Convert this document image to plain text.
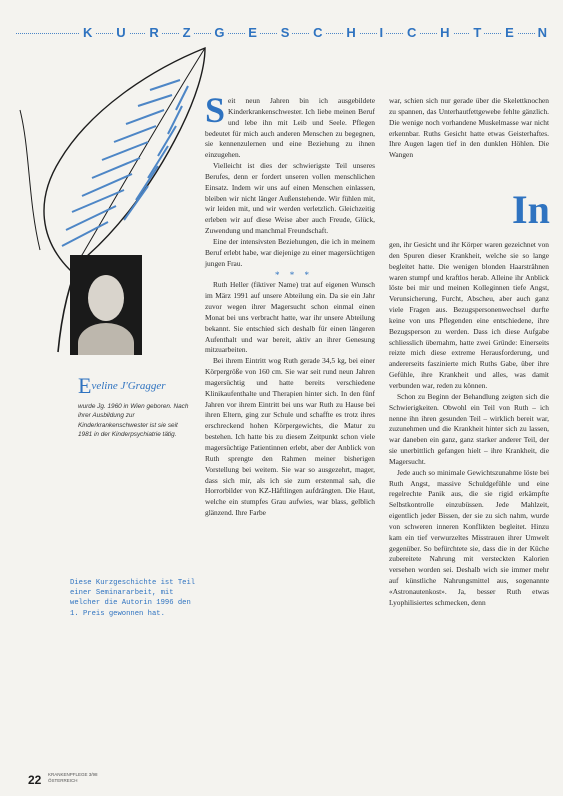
K U R Z G E S C H I C H T E N
Eveline J'Gragger
wurde Jg. 1960 in Wien geboren. Nach ihrer Ausbildung zur Kinderkrankenschwester ist sie seit 1981 in der Kinderpsychiatrie tätig.
Diese Kurzgeschichte ist Teil einer Seminararbeit, mit welcher die Autorin 1996 den 1. Preis gewonnen hat.

Seit neun Jahren bin ich ausgebildete Kinderkrankenschwester. Ich liebe meinen Beruf und lebe ihn mit Leib und Seele. Pflegen bedeutet für mich auch anderen Menschen zu begegnen, sie kennenzulernen und eine Beziehung zu ihnen einzugehen.

Vielleicht ist dies der schwierigste Teil unseres Berufes, denn er fordert unseren vollen menschlichen Einsatz. Indem wir uns auf einen Menschen einlassen, bleiben wir nicht länger Außenstehende. Wir fühlen mit, wir leiden mit, und wir werden verletzlich. Gleichzeitig erleben wir auf diese Weise aber auch Freude, Glück, Zuwendung und manchmal Freundschaft.

Eine der intensivsten Beziehungen, die ich in meinem Beruf erlebt habe, war diejenige zu einer magersüchtigen jungen Frau.

* * *

Ruth Heller (fiktiver Name) trat auf eigenen Wunsch im März 1991 auf unsere Abteilung ein. Da sie ein Jahr zuvor wegen ihrer Magersucht schon einmal einen Monat bei uns verbracht hatte, war ihr unsere Abteilung bekannt. Sie entschied sich deshalb für einen längeren Aufenthalt und war bereit, aktiv an ihrer Genesung mitzuarbeiten.

Bei ihrem Eintritt wog Ruth gerade 34,5 kg, bei einer Körpergröße von 160 cm. Sie war seit rund neun Jahren magersüchtig und hatte bereits verschiedene Klinikaufenthalte und Therapien hinter sich. In den fünf Jahren vor ihrem Eintritt bei uns war Ruth zu Hause bei ihren Eltern, ging zur Schule und schaffte es trotz ihres erschreckend hohen Körpergewichts, die Matur zu bestehen. Ich hatte bis zu diesem Zeitpunkt schon viele magersüchtige Patientinnen erlebt, aber der Anblick von Ruth sprengte den Rahmen meiner bisherigen Vorstellung bei weitem. Sie war so ausgezehrt, mager, dass sich mir, als ich sie zum erstenmal sah, die Horrorbilder von KZ-Häftlingen aufdrängten. Die Haut, welche ein stumpfes Grau aufwies, war blass, gelblich glänzend. Ihre Farbe

war, schien sich nur gerade über die Skelettknochen zu spannen, das Unterhautfettgewebe fehlte gänzlich. Die wenige noch vorhandene Muskelmasse war nicht erkennbar. Ruths Gesicht hatte etwas Geisterhaftes. Ihre Augen lagen tief in den dunklen Höhlen. Die Wangen

In

gen, ihr Gesicht und ihr Körper waren gezeichnet von den Spuren dieser Krankheit, welche sie so lange begleitet hatte. Die wenigen blonden Haarsträhnen waren stumpf und kraftlos herab. Alleine ihr Anblick löste bei mir und meinen Kolleginnen tiefe Angst, Verunsicherung, Furcht, Abscheu, aber auch ganz viele Fragen aus. Bezugspersonenwechsel durfte keine von uns Pflegenden eine entschiedene, ihre Bezugsperson zu werden. Dass ich diese Aufgabe schliesslich übernahm, hatte zwei Gründe: Einerseits reizte mich diese extreme Herausforderung, und andererseits faszinierte mich Ruths Gabe, über ihre Gefühle, ihre Krankheit und alles, was damit verbunden war, reden zu können.

Schon zu Beginn der Behandlung zeigten sich die Schwierigkeiten. Obwohl ein Teil von Ruth – ich nenne ihn ihren gesunden Teil – wirklich bereit war, zuzunehmen und die Krankheit hinter sich zu lassen, war daneben ein ganz, ganz starker anderer Teil, der sie unerbittlich gefangen hielt – ihre Krankheit, die Magersucht.

Jede auch so minimale Gewichtszunahme löste bei Ruth Angst, massive Schuldgefühle und eine regelrechte Panik aus, die sie rigid erkämpfte Selbstkontrolle einzubüssen. Jede Mahlzeit, eigentlich jeder Bissen, der sie zu sich nahm, wurde von schweren inneren Konflikten begleitet. Hinzu kam ein tief verwurzeltes Misstrauen ihrer Umwelt gegenüber. So befürchtete sie, dass die in der Küche zubereitete Nahrung mit versteckten Kalorien versehen worden sei. Deshalb wich sie immer mehr auf künstliche Nahrungsmittel aus, sogenannte «Astronautenkost». Ja, besser Ruth etwas Lyophilisiertes schmecken, denn

22 KRANKENPFLEGE 3/98
ÖSTERREICH
